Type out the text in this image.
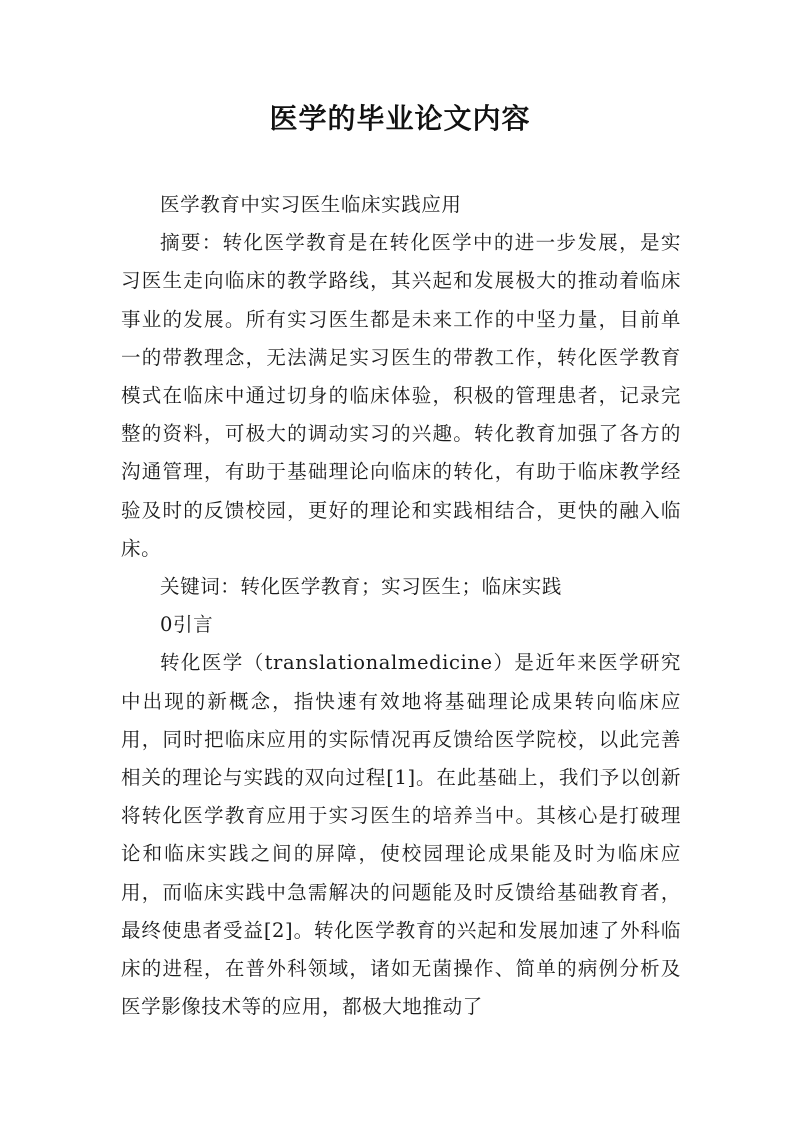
医学的毕业论文内容

医学教育中实习医生临床实践应用

摘要：转化医学教育是在转化医学中的进一步发展，是实习医生走向临床的教学路线，其兴起和发展极大的推动着临床事业的发展。所有实习医生都是未来工作的中坚力量，目前单一的带教理念，无法满足实习医生的带教工作，转化医学教育模式在临床中通过切身的临床体验，积极的管理患者，记录完整的资料，可极大的调动实习的兴趣。转化教育加强了各方的沟通管理，有助于基础理论向临床的转化，有助于临床教学经验及时的反馈校园，更好的理论和实践相结合，更快的融入临床。

关键词：转化医学教育；实习医生；临床实践

0引言

转化医学（translationalmedicine）是近年来医学研究中出现的新概念，指快速有效地将基础理论成果转向临床应用，同时把临床应用的实际情况再反馈给医学院校，以此完善相关的理论与实践的双向过程[1]。在此基础上，我们予以创新将转化医学教育应用于实习医生的培养当中。其核心是打破理论和临床实践之间的屏障，使校园理论成果能及时为临床应用，而临床实践中急需解决的问题能及时反馈给基础教育者，最终使患者受益[2]。转化医学教育的兴起和发展加速了外科临床的进程，在普外科领域，诸如无菌操作、简单的病例分析及医学影像技术等的应用，都极大地推动了
